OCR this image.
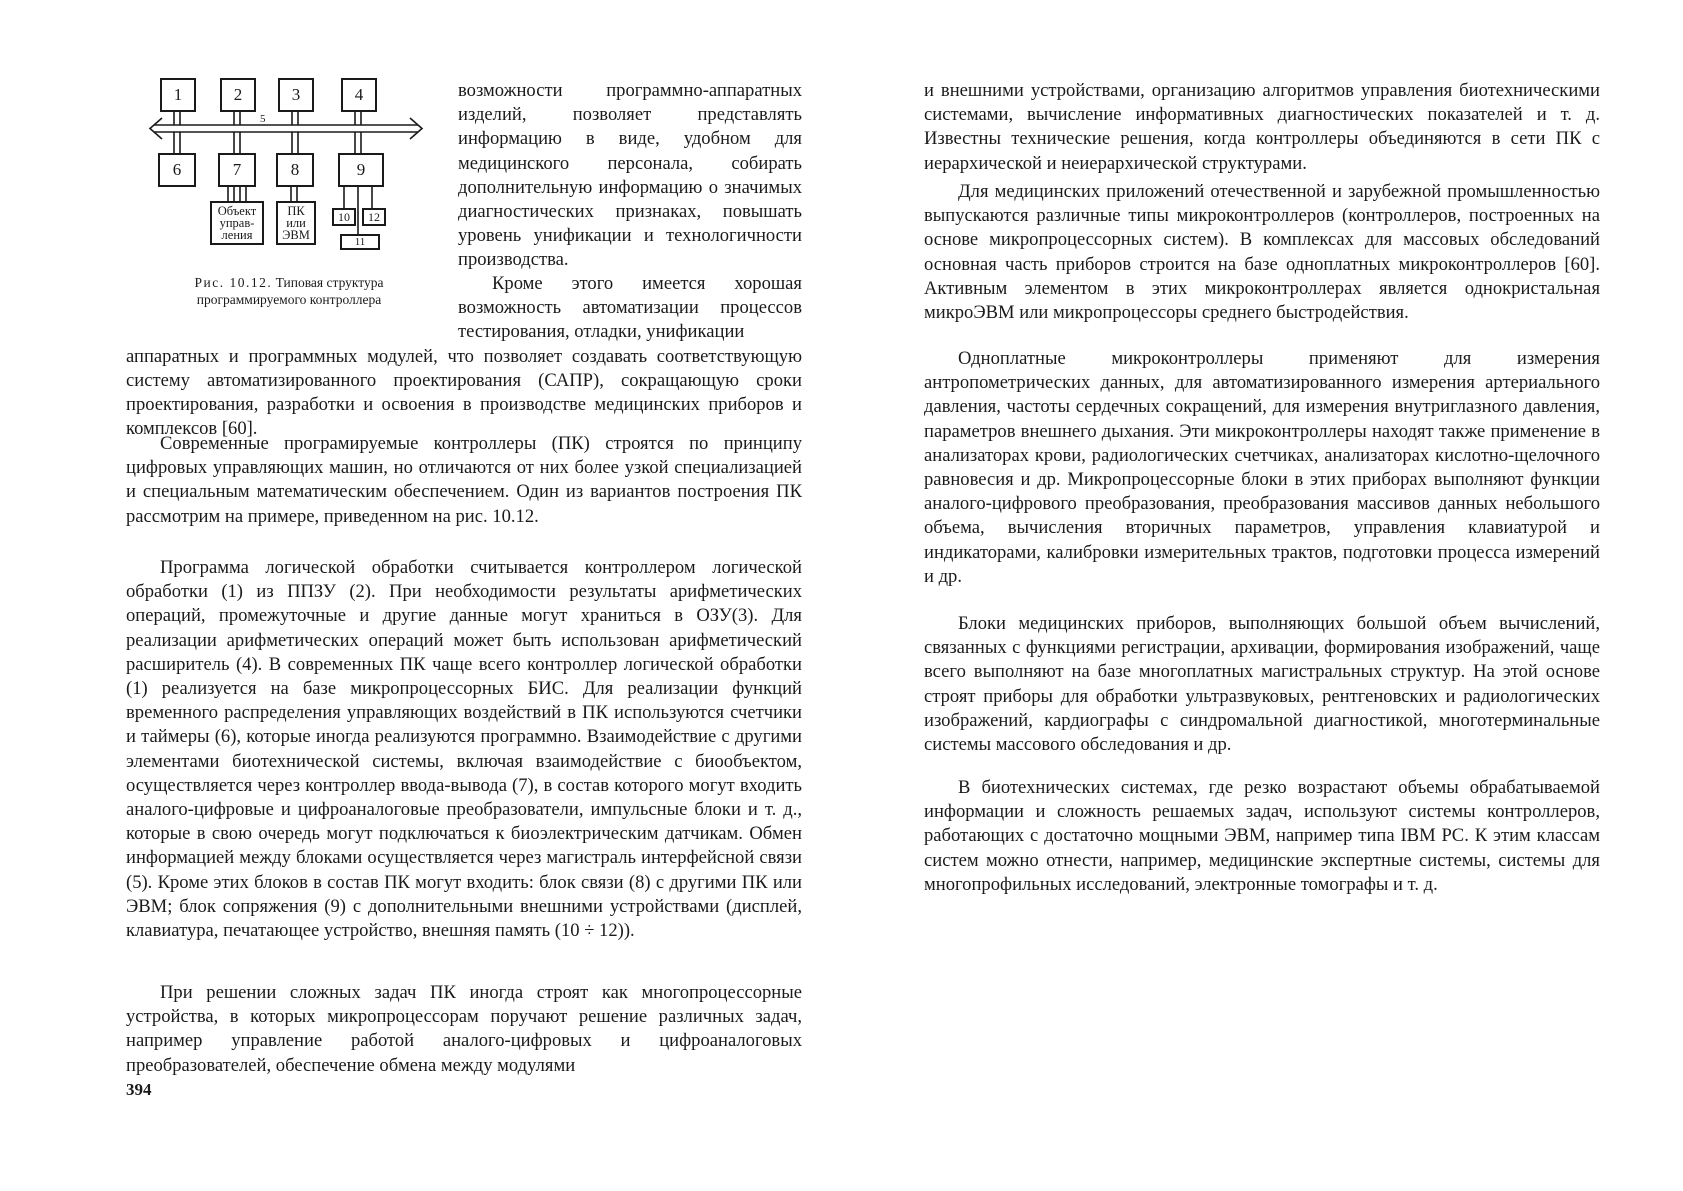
1	2	3	4
5
6	7	8	9
Объект
управ-
ления
ПК
или
ЭВМ
10 12
11
Рис. 10.12. Типовая структура
программируемого контроллера

возможности программно-аппаратных изделий, позволяет представлять информацию в виде, удобном для медицинского персонала, собирать дополнительную информацию о значимых диагностических признаках, повышать уровень унификации и технологичности производства.

Кроме этого имеется хорошая возможность автоматизации процессов тестирования, отладки, унификации

аппаратных и программных модулей, что позволяет создавать соответствующую систему автоматизированного проектирования (САПР), сокращающую сроки проектирования, разработки и освоения в производстве медицинских приборов и комплексов [60].

Современные програмируемые контроллеры (ПК) строятся по принципу цифровых управляющих машин, но отличаются от них более узкой специализацией и специальным математическим обеспечением. Один из вариантов построения ПК рассмотрим на примере, приведенном на рис. 10.12.

Программа логической обработки считывается контроллером логической обработки (1) из ППЗУ (2). При необходимости результаты арифметических операций, промежуточные и другие данные могут храниться в ОЗУ(3). Для реализации арифметических операций может быть использован арифметический расширитель (4). В современных ПК чаще всего контроллер логической обработки (1) реализуется на базе микропроцессорных БИС. Для реализации функций временного распределения управляющих воздействий в ПК используются счетчики и таймеры (6), которые иногда реализуются программно. Взаимодействие с другими элементами биотехнической системы, включая взаимодействие с биообъектом, осуществляется через контроллер ввода-вывода (7), в состав которого могут входить аналого-цифровые и цифроаналоговые преобразователи, импульсные блоки и т. д., которые в свою очередь могут подключаться к биоэлектрическим датчикам. Обмен информацией между блоками осуществляется через магистраль интерфейсной связи (5). Кроме этих блоков в состав ПК могут входить: блок связи (8) с другими ПК или ЭВМ; блок сопряжения (9) с дополнительными внешними устройствами (дисплей, клавиатура, печатающее устройство, внешняя память (10 ÷ 12)).

При решении сложных задач ПК иногда строят как многопроцессорные устройства, в которых микропроцессорам поручают решение различных задач, например управление работой аналого-цифровых и цифроаналоговых преобразователей, обеспечение обмена между модулями

394

и внешними устройствами, организацию алгоритмов управления биотехническими системами, вычисление информативных диагностических показателей и т. д. Известны технические решения, когда контроллеры объединяются в сети ПК с иерархической и неиерархической структурами.

Для медицинских приложений отечественной и зарубежной промышленностью выпускаются различные типы микроконтроллеров (контроллеров, построенных на основе микропроцессорных систем). В комплексах для массовых обследований основная часть приборов строится на базе одноплатных микроконтроллеров [60]. Активным элементом в этих микроконтроллерах является однокристальная микроЭВМ или микропроцессоры среднего быстродействия.

Одноплатные микроконтроллеры применяют для измерения антропометрических данных, для автоматизированного измерения артериального давления, частоты сердечных сокращений, для измерения внутриглазного давления, параметров внешнего дыхания. Эти микроконтроллеры находят также применение в анализаторах крови, радиологических счетчиках, анализаторах кислотно-щелочного равновесия и др. Микропроцессорные блоки в этих приборах выполняют функции аналого-цифрового преобразования, преобразования массивов данных небольшого объема, вычисления вторичных параметров, управления клавиатурой и индикаторами, калибровки измерительных трактов, подготовки процесса измерений и др.

Блоки медицинских приборов, выполняющих большой объем вычислений, связанных с функциями регистрации, архивации, формирования изображений, чаще всего выполняют на базе многоплатных магистральных структур. На этой основе строят приборы для обработки ультразвуковых, рентгеновских и радиологических изображений, кардиографы с синдромальной диагностикой, многотерминальные системы массового обследования и др.

В биотехнических системах, где резко возрастают объемы обрабатываемой информации и сложность решаемых задач, используют системы контроллеров, работающих с достаточно мощными ЭВМ, например типа IBM PC. К этим классам систем можно отнести, например, медицинские экспертные системы, системы для многопрофильных исследований, электронные томографы и т. д.
